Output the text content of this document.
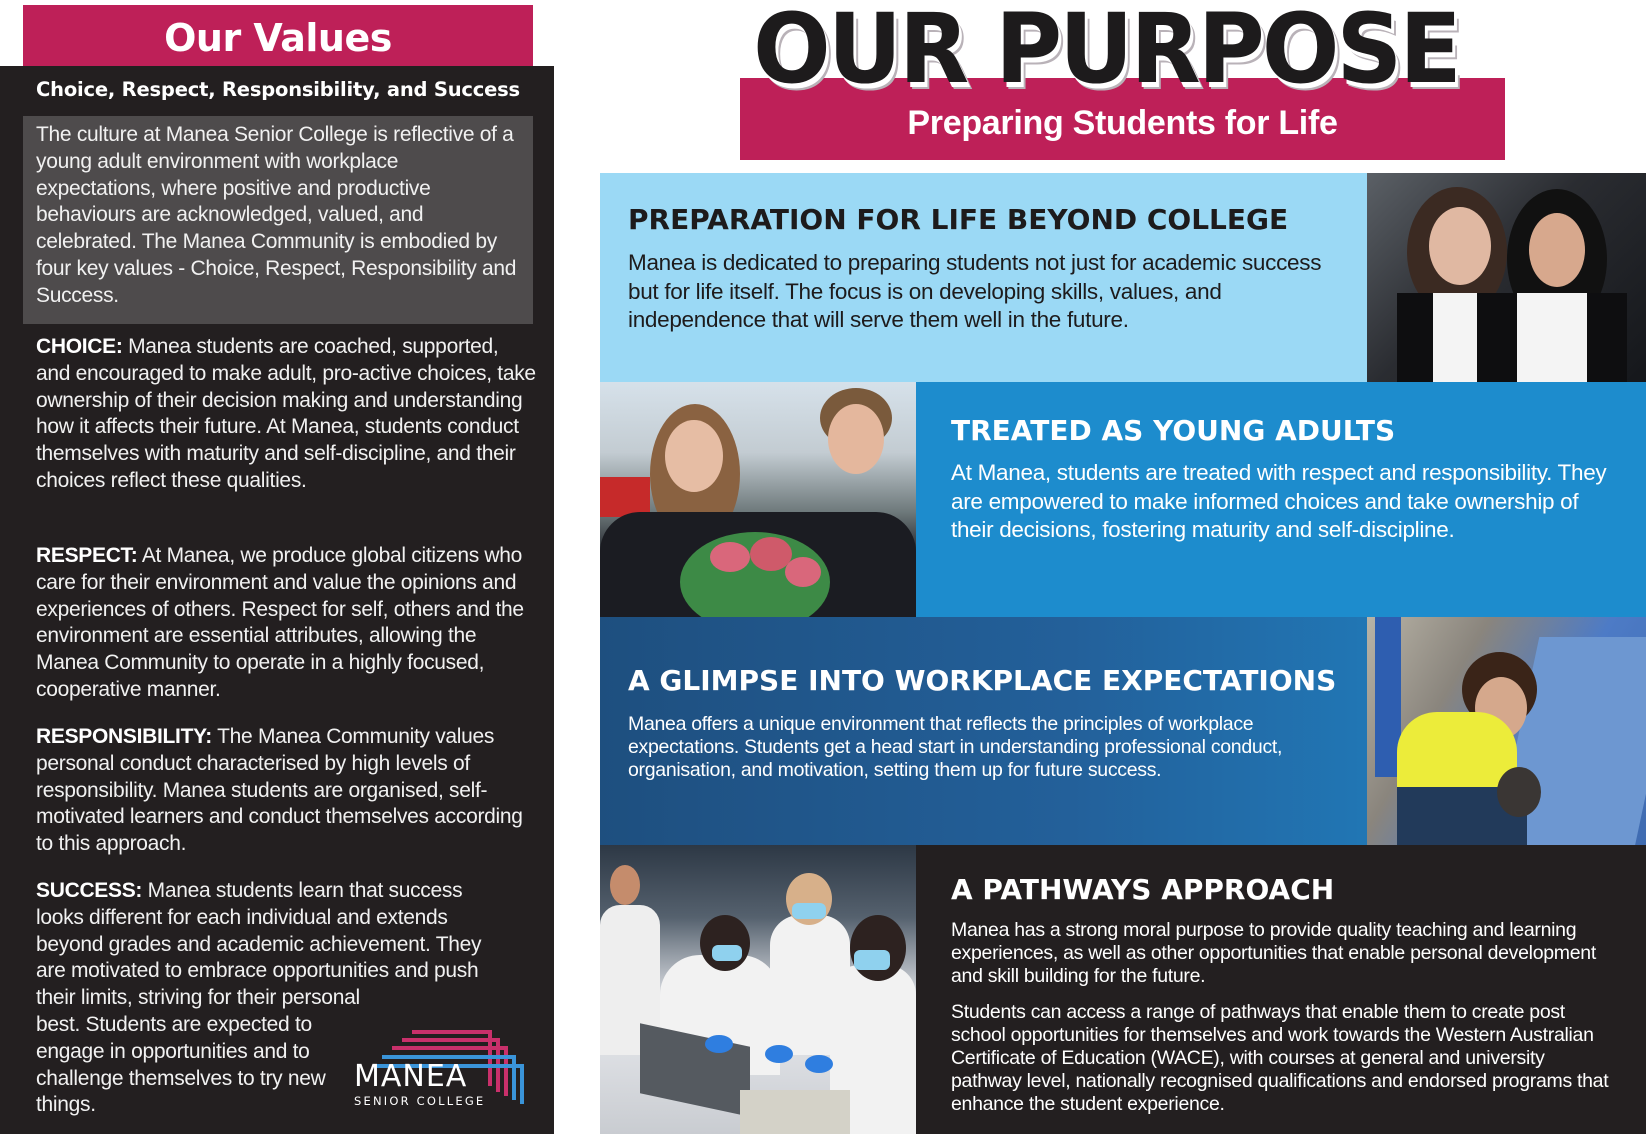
Our Values
Choice, Respect, Responsibility, and Success
The culture at Manea Senior College is reflective of a young adult environment with workplace expectations, where positive and productive behaviours are acknowledged, valued, and celebrated. The Manea Community is embodied by four key values - Choice, Respect, Responsibility and Success.
CHOICE: Manea students are coached, supported, and encouraged to make adult, pro-active choices, take ownership of their decision making and understanding how it affects their future. At Manea, students conduct themselves with maturity and self-discipline, and their choices reflect these qualities.
RESPECT: At Manea, we produce global citizens who care for their environment and value the opinions and experiences of others. Respect for self, others and the environment are essential attributes, allowing the Manea Community to operate in a highly focused, cooperative manner.
RESPONSIBILITY: The Manea Community values personal conduct characterised by high levels of responsibility. Manea students are organised, self-motivated learners and conduct themselves according to this approach.
SUCCESS: Manea students learn that success looks different for each individual and extends beyond grades and academic achievement. They are motivated to embrace opportunities and push their limits, striving for their personal
best. Students are expected to engage in opportunities and to challenge themselves to try new things.
MANEA
SENIOR COLLEGE
OUR PURPOSE
Preparing Students for Life
PREPARATION FOR LIFE BEYOND COLLEGE
Manea is dedicated to preparing students not just for academic success but for life itself. The focus is on developing skills, values, and independence that will serve them well in the future.
TREATED AS YOUNG ADULTS
At Manea, students are treated with respect and responsibility. They are empowered to make informed choices and take ownership of their decisions, fostering maturity and self-discipline.
A GLIMPSE INTO WORKPLACE EXPECTATIONS
Manea offers a unique environment that reflects the principles of workplace expectations. Students get a head start in understanding professional conduct, organisation, and motivation, setting them up for future success.
A PATHWAYS APPROACH
Manea has a strong moral purpose to provide quality teaching and learning experiences, as well as other opportunities that enable personal development and skill building for the future.
Students can access a range of pathways that enable them to create post school opportunities for themselves and work towards the Western Australian Certificate of Education (WACE), with courses at general and university pathway level, nationally recognised qualifications and endorsed programs that enhance the student experience.
